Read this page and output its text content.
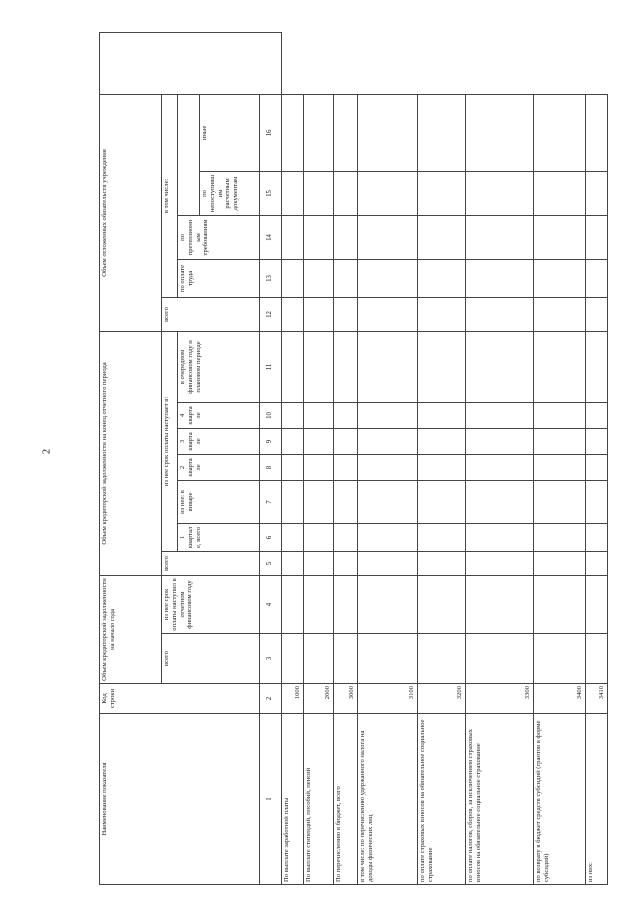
2
Наименование показателя	Код строки	Объем кредиторской задолженности на начало года		Объем кредиторской задолженности на конец отчетного периода							Объем отложенных обязательств учреждения					
		всего	из нее срок оплаты наступил в отчетном финансовом году	всего	из нее срок оплаты наступает в:						всего	в том числе:				
					1 квартале, всего	из нее: в январе	2 квартале	3 квартале	4 квартале	в очередном финансовом году и плановом периоде		по оплате труда	по претензионным требованиям			
														по непоступившим расчетным документам	иные	
1	2	3	4	5	6	7	8	9	10	11	12	13	14	15	16	
По выплате заработной платы	1000															
По выплате стипендий, пособий, пенсий	2000															
По перечислению в бюджет, всего	3000															
в том числе: по перечислению удержанного налога на доходы физических лиц	3100															
по оплате страховых взносов на обязательное социальное страхование	3200															
по оплате налогов, сборов, за исключением страховых взносов на обязательное социальное страхование	3300															
по возврату в бюджет средств субсидий (грантов в форме субсидий)	3400															
из них:	3410															
